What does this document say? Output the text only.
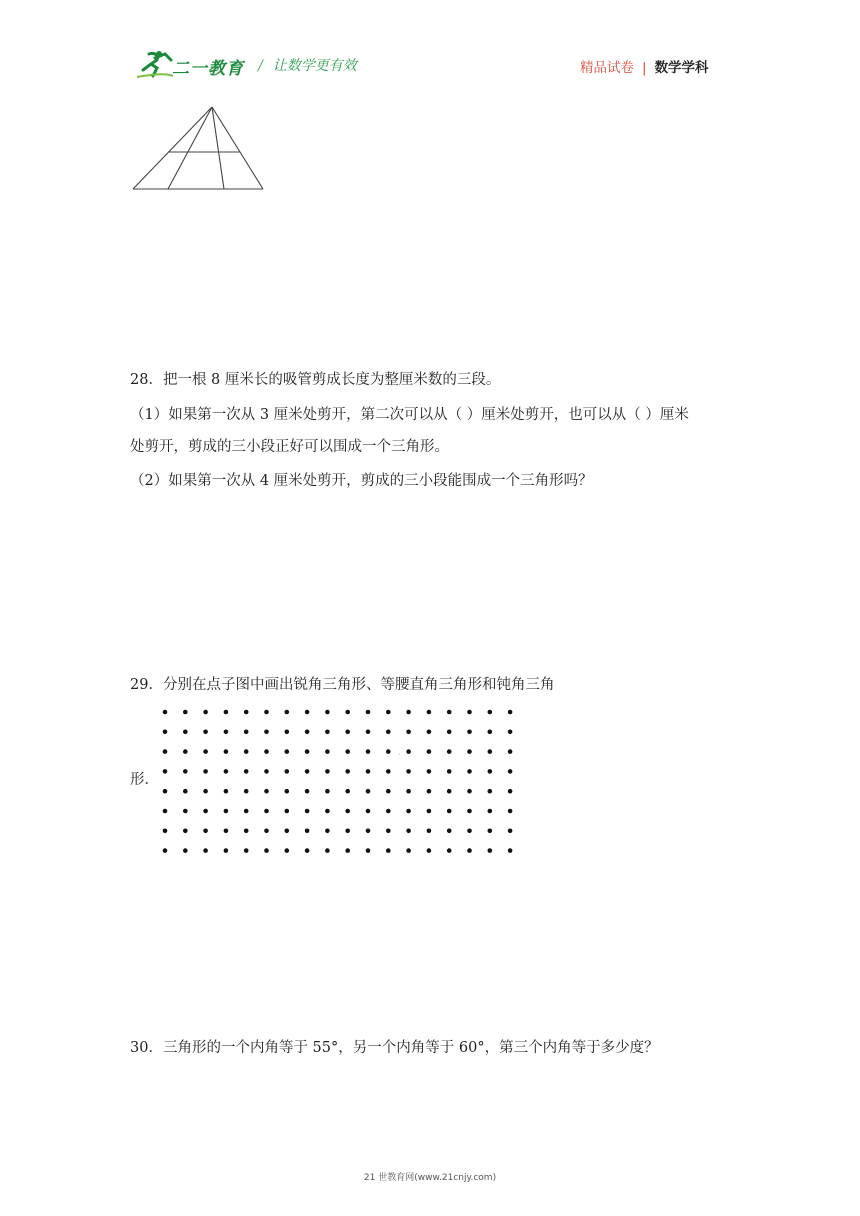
二一教育 / 让数学更有效	精品试卷 | 数学学科
28．把一根 8 厘米长的吸管剪成长度为整厘米数的三段。
（1）如果第一次从 3 厘米处剪开，第二次可以从（ ）厘米处剪开，也可以从（ ）厘米
处剪开，剪成的三小段正好可以围成一个三角形。
（2）如果第一次从 4 厘米处剪开，剪成的三小段能围成一个三角形吗？
29．分别在点子图中画出锐角三角形、等腰直角三角形和钝角三角
·
形．
30．三角形的一个内角等于 55°，另一个内角等于 60°，第三个内角等于多少度？
21 世教育网(www.21cnjy.com)
